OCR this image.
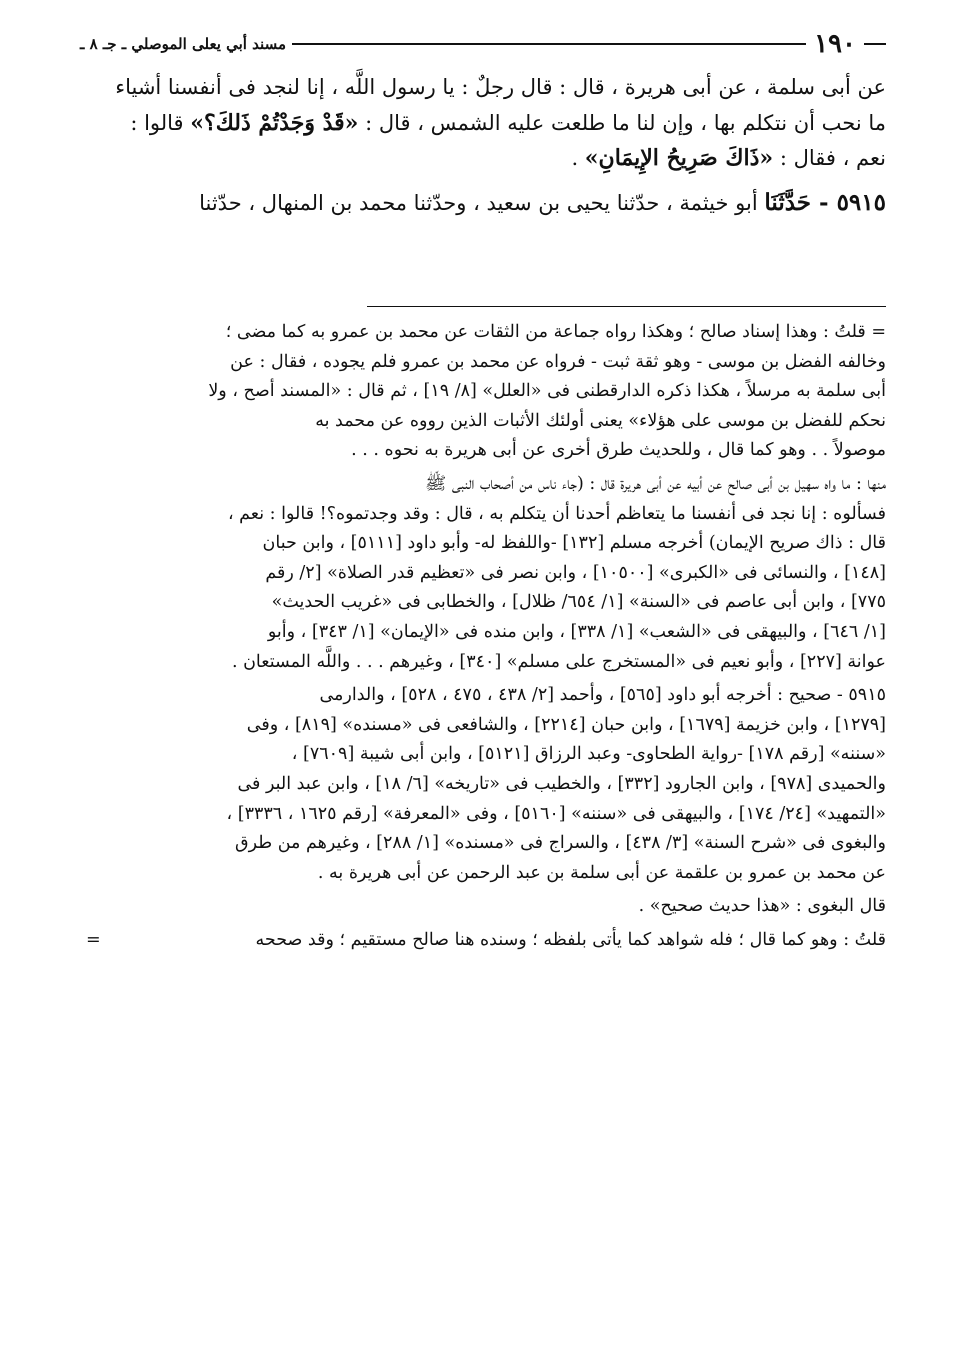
مسند أبي يعلى الموصلي ـ جـ ٨ ـ	١٩٠

عن أبى سلمة ، عن أبى هريرة ، قال : قال رجلٌ : يا رسول اللَّه ، إنا لنجد فى أنفسنا أشياء

ما نحب أن نتكلم بها ، وإن لنا ما طلعت عليه الشمس ، قال : «قَدْ وَجَدْتُمْ ذَلكَ؟» قالوا :

نعم ، فقال : «ذَاكَ صَرِيحُ الإِيمَانِ» .

٥٩١٥ - حَدَّثَنَا أبو خيثمة ، حدّثنا يحيى بن سعيد ، وحدّثنا محمد بن المنهال ، حدّثنا

= قلتُ : وهذا إسناد صالح ؛ وهكذا رواه جماعة من الثقات عن محمد بن عمرو به كما مضى ؛

وخالفه الفضل بن موسى - وهو ثقة ثبت - فرواه عن محمد بن عمرو فلم يجوده ، فقال : عن

أبى سلمة به مرسلاً ، هكذا ذكره الدارقطنى فى «العلل» [٨/ ١٩] ، ثم قال : «المسند أصح ، ولا

نحكم للفضل بن موسى على هؤلاء» يعنى أولئك الأثبات الذين رووه عن محمد به

موصولاً . . وهو كما قال ، وللحديث طرق أخرى عن أبى هريرة به نحوه . . .

منها : ما واه سهيل بن أبى صالح عن أبيه عن أبى هريرة قال : (جاء ناس من أصحاب النبى ﷺ

فسألوه : إنا نجد فى أنفسنا ما يتعاظم أحدنا أن يتكلم به ، قال : وقد وجدتموه؟! قالوا : نعم ،

قال : ذاك صريح الإيمان) أخرجه مسلم [١٣٢] -واللفظ له- وأبو داود [٥١١١] ، وابن حبان

[١٤٨] ، والنسائى فى «الكبرى» [١٠٥٠٠] ، وابن نصر فى «تعظيم قدر الصلاة» [٢/ رقم

٧٧٥] ، وابن أبى عاصم فى «السنة» [١/ ٦٥٤/ ظلال] ، والخطابى فى «غريب الحديث»

[١/ ٦٤٦] ، والبيهقى فى «الشعب» [١/ ٣٣٨] ، وابن منده فى «الإيمان» [١/ ٣٤٣] ، وأبو

عوانة [٢٢٧] ، وأبو نعيم فى «المستخرج على مسلم» [٣٤٠] ، وغيرهم . . . واللَّه المستعان .

٥٩١٥ - صحيح : أخرجه أبو داود [٥٦٥] ، وأحمد [٢/ ٤٣٨ ، ٤٧٥ ، ٥٢٨] ، والدارمى

[١٢٧٩] ، وابن خزيمة [١٦٧٩] ، وابن حبان [٢٢١٤] ، والشافعى فى «مسنده» [٨١٩] ، وفى

«سننه» [رقم ١٧٨] -رواية الطحاوى- وعبد الرزاق [٥١٢١] ، وابن أبى شيبة [٧٦٠٩] ،

والحميدى [٩٧٨] ، وابن الجارود [٣٣٢] ، والخطيب فى «تاريخه» [٦/ ١٨] ، وابن عبد البر فى

«التمهيد» [٢٤/ ١٧٤] ، والبيهقى فى «سننه» [٥١٦٠] ، وفى «المعرفة» [رقم ١٦٢٥ ، ٣٣٣٦] ،

والبغوى فى «شرح السنة» [٣/ ٤٣٨] ، والسراج فى «مسنده» [١/ ٢٨٨] ، وغيرهم من طرق

عن محمد بن عمرو بن علقمة عن أبى سلمة بن عبد الرحمن عن أبى هريرة به .

قال البغوى : «هذا حديث صحيح» .

قلتُ : وهو كما قال ؛ فله شواهد كما يأتى بلفظه ؛ وسنده هنا صالح مستقيم ؛ وقد صححه
=
